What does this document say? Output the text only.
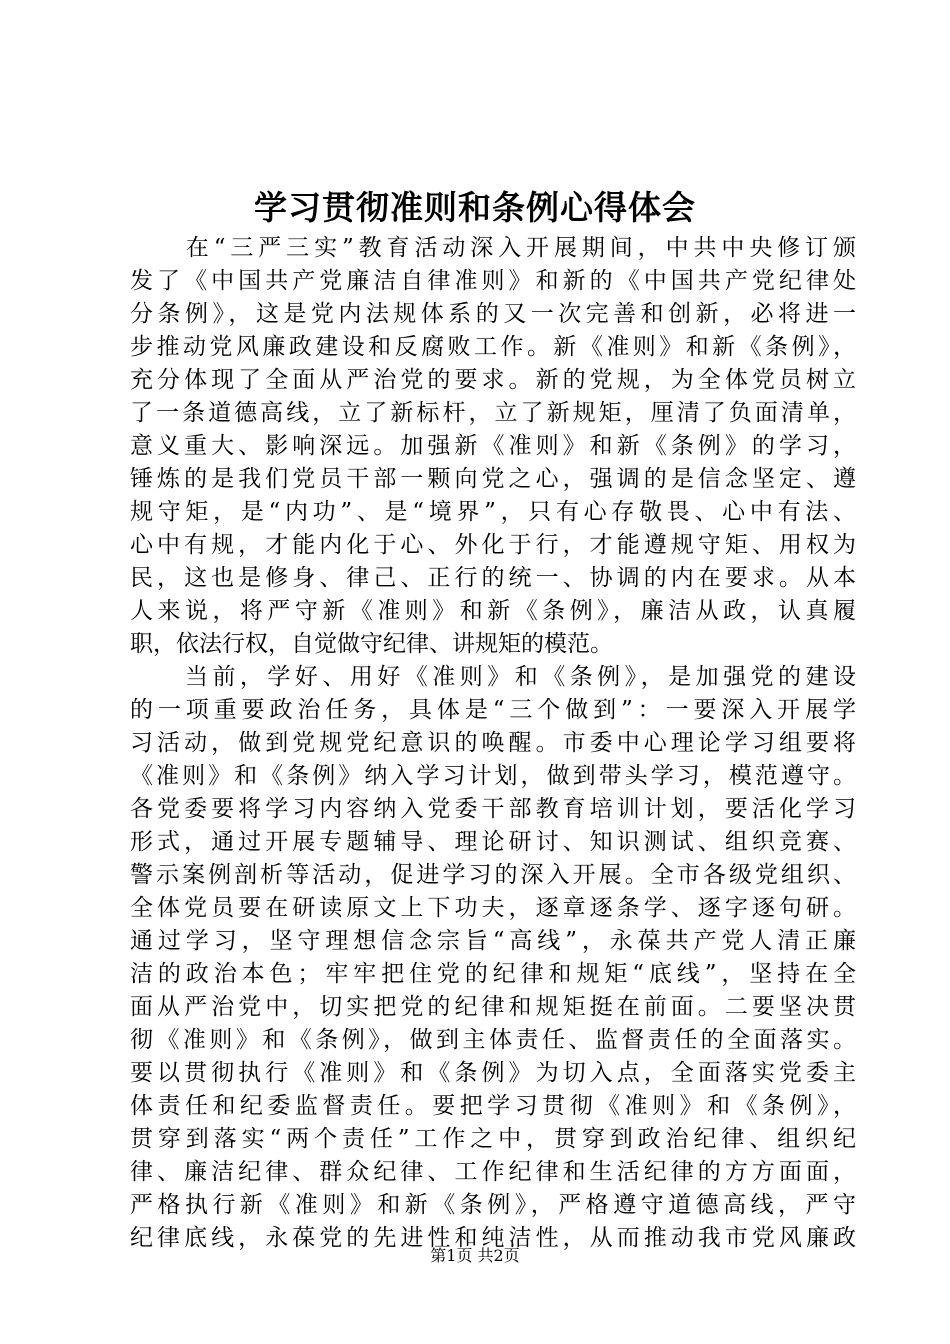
学习贯彻准则和条例心得体会
　　在“三严三实”教育活动深入开展期间，中共中央修订颁
发了《中国共产党廉洁自律准则》和新的《中国共产党纪律处
分条例》，这是党内法规体系的又一次完善和创新，必将进一
步推动党风廉政建设和反腐败工作。新《准则》和新《条例》，
充分体现了全面从严治党的要求。新的党规，为全体党员树立
了一条道德高线，立了新标杆，立了新规矩，厘清了负面清单，
意义重大、影响深远。加强新《准则》和新《条例》的学习，
锤炼的是我们党员干部一颗向党之心，强调的是信念坚定、遵
规守矩，是“内功”、是“境界”，只有心存敬畏、心中有法、
心中有规，才能内化于心、外化于行，才能遵规守矩、用权为
民，这也是修身、律己、正行的统一、协调的内在要求。从本
人来说，将严守新《准则》和新《条例》，廉洁从政，认真履
职，依法行权，自觉做守纪律、讲规矩的模范。
　　当前，学好、用好《准则》和《条例》，是加强党的建设
的一项重要政治任务，具体是“三个做到”：一要深入开展学
习活动，做到党规党纪意识的唤醒。市委中心理论学习组要将
《准则》和《条例》纳入学习计划，做到带头学习，模范遵守。
各党委要将学习内容纳入党委干部教育培训计划，要活化学习
形式，通过开展专题辅导、理论研讨、知识测试、组织竞赛、
警示案例剖析等活动，促进学习的深入开展。全市各级党组织、
全体党员要在研读原文上下功夫，逐章逐条学、逐字逐句研。
通过学习，坚守理想信念宗旨“高线”，永葆共产党人清正廉
洁的政治本色；牢牢把住党的纪律和规矩“底线”，坚持在全
面从严治党中，切实把党的纪律和规矩挺在前面。二要坚决贯
彻《准则》和《条例》，做到主体责任、监督责任的全面落实。
要以贯彻执行《准则》和《条例》为切入点，全面落实党委主
体责任和纪委监督责任。要把学习贯彻《准则》和《条例》，
贯穿到落实“两个责任”工作之中，贯穿到政治纪律、组织纪
律、廉洁纪律、群众纪律、工作纪律和生活纪律的方方面面，
严格执行新《准则》和新《条例》，严格遵守道德高线，严守
纪律底线，永葆党的先进性和纯洁性，从而推动我市党风廉政
第1页 共2页
